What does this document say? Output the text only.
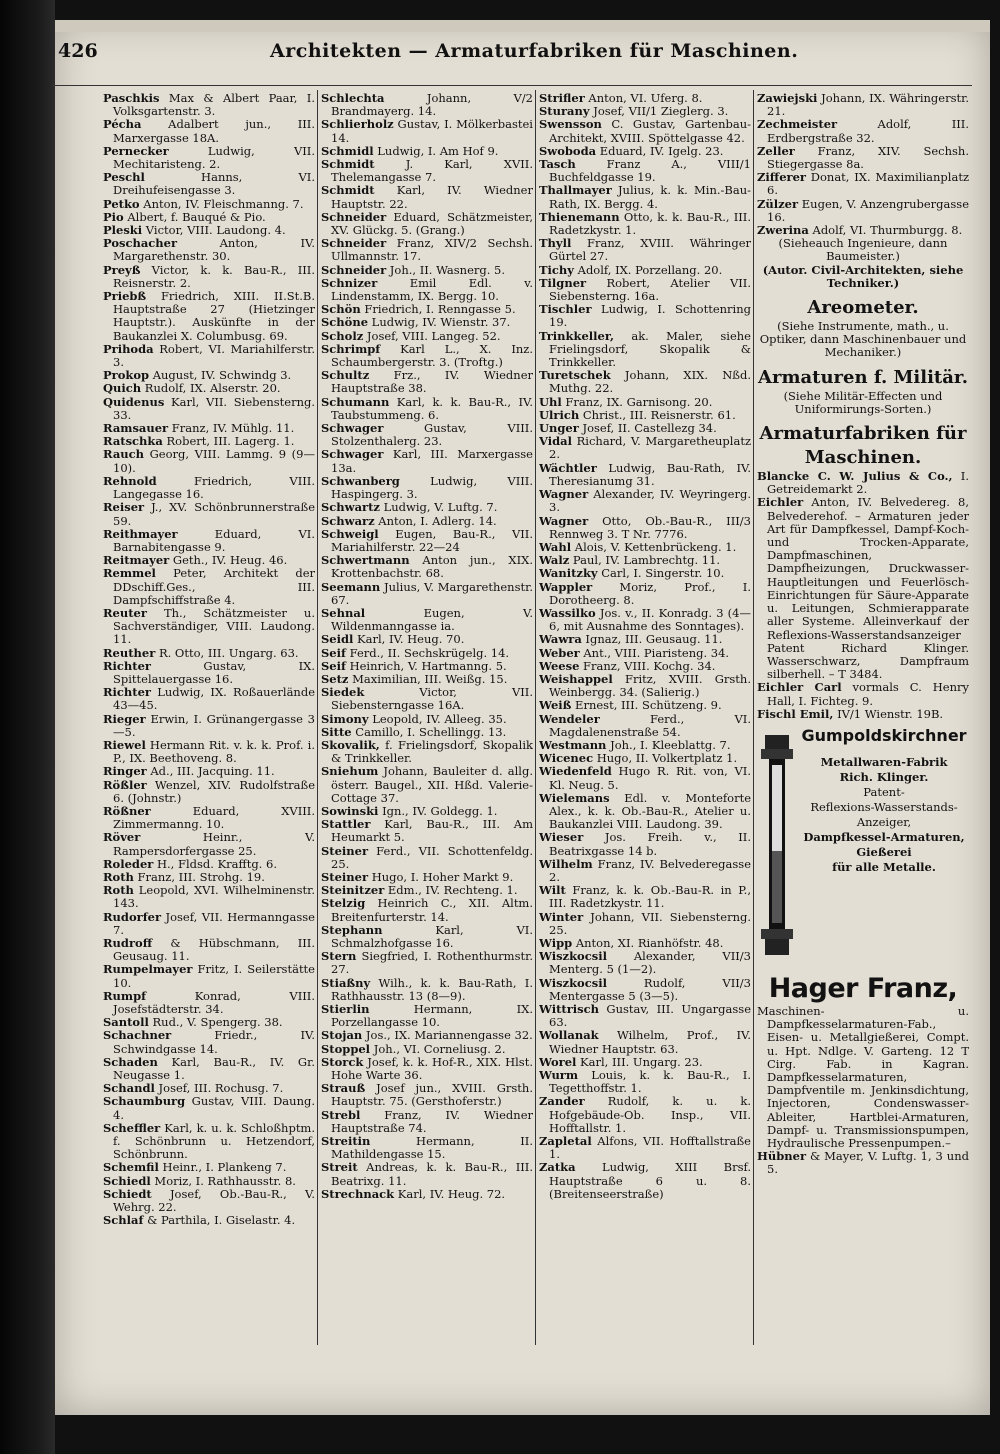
426	Architekten — Armaturfabriken für Maschinen.
Paschkis Max & Albert Paar, I. Volksgartenstr. 3.
Pécha Adalbert jun., III. Marxergasse 18A.
Pernecker Ludwig, VII. Mechitaristeng. 2.
Peschl Hanns, VI. Dreihufeisengasse 3.
Petko Anton, IV. Fleischmanng. 7.
Pio Albert, f. Bauqué & Pio.
Pleski Victor, VIII. Laudong. 4.
Poschacher Anton, IV. Margarethenstr. 30.
Preyß Victor, k. k. Bau-R., III. Reisnerstr. 2.
Priebß Friedrich, XIII. II.St.B. Hauptstraße 27 (Hietzinger Hauptstr.). Auskünfte in der Baukanzlei X. Columbusg. 69.
Prihoda Robert, VI. Mariahilferstr. 3.
Prokop August, IV. Schwindg 3.
Quich Rudolf, IX. Alserstr. 20.
Quidenus Karl, VII. Siebensterng. 33.
Ramsauer Franz, IV. Mühlg. 11.
Ratschka Robert, III. Lagerg. 1.
Rauch Georg, VIII. Lammg. 9 (9—10).
Rehnold Friedrich, VIII. Langegasse 16.
Reiser J., XV. Schönbrunnerstraße 59.
Reithmayer Eduard, VI. Barnabitengasse 9.
Reitmayer Geth., IV. Heug. 46.
Remmel Peter, Architekt der DDschiff.Ges., III. Dampfschiffstraße 4.
Reuter Th., Schätzmeister u. Sachverständiger, VIII. Laudong. 11.
Reuther R. Otto, III. Ungarg. 63.
Richter Gustav, IX. Spittelauergasse 16.
Richter Ludwig, IX. Roßauerlände 43—45.
Rieger Erwin, I. Grünangergasse 3—5.
Riewel Hermann Rit. v. k. k. Prof. i. P., IX. Beethoveng. 8.
Ringer Ad., III. Jacquing. 11.
Rößler Wenzel, XIV. Rudolfstraße 6. (Johnstr.)
Rößner Eduard, XVIII. Zimmermanng. 10.
Röver Heinr., V. Rampersdorfergasse 25.
Roleder H., Fldsd. Krafftg. 6.
Roth Franz, III. Strohg. 19.
Roth Leopold, XVI. Wilhelminenstr. 143.
Rudorfer Josef, VII. Hermanngasse 7.
Rudroff & Hübschmann, III. Geusaug. 11.
Rumpelmayer Fritz, I. Seilerstätte 10.
Rumpf Konrad, VIII. Josefstädterstr. 34.
Santoll Rud., V. Spengerg. 38.
Schachner Friedr., IV. Schwindgasse 14.
Schaden Karl, Bau-R., IV. Gr. Neugasse 1.
Schandl Josef, III. Rochusg. 7.
Schaumburg Gustav, VIII. Daung. 4.
Scheffler Karl, k. u. k. Schloßhptm. f. Schönbrunn u. Hetzendorf, Schönbrunn.
Schemfil Heinr., I. Plankeng 7.
Schiedl Moriz, I. Rathhausstr. 8.
Schiedt Josef, Ob.-Bau-R., V. Wehrg. 22.
Schlaf & Parthila, I. Giselastr. 4.
Schlechta Johann, V/2 Brandmayerg. 14.
Schlierholz Gustav, I. Mölkerbastei 14.
Schmidl Ludwig, I. Am Hof 9.
Schmidt J. Karl, XVII. Thelemangasse 7.
Schmidt Karl, IV. Wiedner Hauptstr. 22.
Schneider Eduard, Schätzmeister, XV. Glückg. 5. (Grang.)
Schneider Franz, XIV/2 Sechsh. Ullmannstr. 17.
Schneider Joh., II. Wasnerg. 5.
Schnizer Emil Edl. v. Lindenstamm, IX. Bergg. 10.
Schön Friedrich, I. Renngasse 5.
Schöne Ludwig, IV. Wienstr. 37.
Scholz Josef, VIII. Langeg. 52.
Schrimpf Karl L., X. Inz. Schaumbergerstr. 3. (Troftg.)
Schultz Frz., IV. Wiedner Hauptstraße 38.
Schumann Karl, k. k. Bau-R., IV. Taubstummeng. 6.
Schwager Gustav, VIII. Stolzenthalerg. 23.
Schwager Karl, III. Marxergasse 13a.
Schwanberg Ludwig, VIII. Haspingerg. 3.
Schwartz Ludwig, V. Luftg. 7.
Schwarz Anton, I. Adlerg. 14.
Schweigl Eugen, Bau-R., VII. Mariahilferstr. 22—24
Schwertmann Anton jun., XIX. Krottenbachstr. 68.
Seemann Julius, V. Margarethenstr. 67.
Sehnal Eugen, V. Wildenmanngasse ia.
Seidl Karl, IV. Heug. 70.
Seif Ferd., II. Sechskrügelg. 14.
Seif Heinrich, V. Hartmanng. 5.
Setz Maximilian, III. Weißg. 15.
Siedek Victor, VII. Siebensterngasse 16A.
Simony Leopold, IV. Alleeg. 35.
Sitte Camillo, I. Schellingg. 13.
Skovalik, f. Frielingsdorf, Skopalik & Trinkkeller.
Sniehum Johann, Bauleiter d. allg. österr. Baugel., XII. Hßd. Valerie-Cottage 37.
Sowinski Ign., IV. Goldegg. 1.
Stattler Karl, Bau-R., III. Am Heumarkt 5.
Steiner Ferd., VII. Schottenfeldg. 25.
Steiner Hugo, I. Hoher Markt 9.
Steinitzer Edm., IV. Rechteng. 1.
Stelzig Heinrich C., XII. Altm. Breitenfurterstr. 14.
Stephann Karl, VI. Schmalzhofgasse 16.
Stern Siegfried, I. Rothenthurmstr. 27.
Stiaßny Wilh., k. k. Bau-Rath, I. Rathhausstr. 13 (8—9).
Stierlin Hermann, IX. Porzellangasse 10.
Stojan Jos., IX. Mariannengasse 32.
Stoppel Joh., VI. Corneliusg. 2.
Storck Josef, k. k. Hof-R., XIX. Hlst. Hohe Warte 36.
Strauß Josef jun., XVIII. Grsth. Hauptstr. 75. (Gersthoferstr.)
Strebl Franz, IV. Wiedner Hauptstraße 74.
Streitin Hermann, II. Mathildengasse 15.
Streit Andreas, k. k. Bau-R., III. Beatrixg. 11.
Strechnack Karl, IV. Heug. 72.
Strifler Anton, VI. Uferg. 8.
Sturany Josef, VII/1 Zieglerg. 3.
Swensson C. Gustav, Gartenbau-Architekt, XVIII. Spöttelgasse 42.
Swoboda Eduard, IV. Igelg. 23.
Tasch Franz A., VIII/1 Buchfeldgasse 19.
Thallmayer Julius, k. k. Min.-Bau-Rath, IX. Bergg. 4.
Thienemann Otto, k. k. Bau-R., III. Radetzkystr. 1.
Thyll Franz, XVIII. Währinger Gürtel 27.
Tichy Adolf, IX. Porzellang. 20.
Tilgner Robert, Atelier VII. Siebensterng. 16a.
Tischler Ludwig, I. Schottenring 19.
Trinkkeller, ak. Maler, siehe Frielingsdorf, Skopalik & Trinkkeller.
Turetschek Johann, XIX. Nßd. Muthg. 22.
Uhl Franz, IX. Garnisong. 20.
Ulrich Christ., III. Reisnerstr. 61.
Unger Josef, II. Castellezg 34.
Vidal Richard, V. Margaretheuplatz 2.
Wächtler Ludwig, Bau-Rath, IV. Theresianumg 31.
Wagner Alexander, IV. Weyringerg. 3.
Wagner Otto, Ob.-Bau-R., III/3 Rennweg 3. T Nr. 7776.
Wahl Alois, V. Kettenbrückeng. 1.
Walz Paul, IV. Lambrechtg. 11.
Wanitzky Carl, I. Singerstr. 10.
Wappler Moriz, Prof., I. Dorotheerg. 8.
Wassilko Jos. v., II. Konradg. 3 (4—6, mit Ausnahme des Sonntages).
Wawra Ignaz, III. Geusaug. 11.
Weber Ant., VIII. Piaristeng. 34.
Weese Franz, VIII. Kochg. 34.
Weishappel Fritz, XVIII. Grsth. Weinbergg. 34. (Salierig.)
Weiß Ernest, III. Schützeng. 9.
Wendeler Ferd., VI. Magdalenenstraße 54.
Westmann Joh., I. Kleeblattg. 7.
Wicenec Hugo, II. Volkertplatz 1.
Wiedenfeld Hugo R. Rit. von, VI. Kl. Neug. 5.
Wielemans Edl. v. Monteforte Alex., k. k. Ob.-Bau-R., Atelier u. Baukanzlei VIII. Laudong. 39.
Wieser Jos. Freih. v., II. Beatrixgasse 14 b.
Wilhelm Franz, IV. Belvederegasse 2.
Wilt Franz, k. k. Ob.-Bau-R. in P., III. Radetzkystr. 11.
Winter Johann, VII. Siebensterng. 25.
Wipp Anton, XI. Rianhöfstr. 48.
Wiszkocsil Alexander, VII/3 Menterg. 5 (1—2).
Wiszkocsil Rudolf, VII/3 Mentergasse 5 (3—5).
Wittrisch Gustav, III. Ungargasse 63.
Wollanak Wilhelm, Prof., IV. Wiedner Hauptstr. 63.
Worel Karl, III. Ungarg. 23.
Wurm Louis, k. k. Bau-R., I. Tegetthoffstr. 1.
Zander Rudolf, k. u. k. Hofgebäude-Ob. Insp., VII. Hofftallstr. 1.
Zapletal Alfons, VII. Hofftallstraße 1.
Zatka Ludwig, XIII Brsf. Hauptstraße 6 u. 8. (Breitenseerstraße)
Zawiejski Johann, IX. Währingerstr. 21.
Zechmeister Adolf, III. Erdbergstraße 32.
Zeller Franz, XIV. Sechsh. Stiegergasse 8a.
Zifferer Donat, IX. Maximilianplatz 6.
Zülzer Eugen, V. Anzengrubergasse 16.
Zwerina Adolf, VI. Thurmburgg. 8.
(Sieheauch Ingenieure, dann Baumeister.)
(Autor. Civil-Architekten, siehe Techniker.)
Areometer.
(Siehe Instrumente, math., u. Optiker, dann Maschinenbauer und Mechaniker.)
Armaturen f. Militär.
(Siehe Militär-Effecten und Uniformirungs-Sorten.)
Armaturfabriken für Maschinen.
Blancke C. W. Julius & Co., I. Getreidemarkt 2.
Eichler Anton, IV. Belvedereg. 8, Belvederehof. – Armaturen jeder Art für Dampfkessel, Dampf-Koch- und Trocken-Apparate, Dampfmaschinen, Dampfheizungen, Druckwasser-Hauptleitungen und Feuerlösch-Einrichtungen für Säure-Apparate u. Leitungen, Schmierapparate aller Systeme. Alleinverkauf der Reflexions-Wasserstandsanzeiger Patent Richard Klinger. Wasserschwarz, Dampfraum silberhell. – T 3484.
Eichler Carl vormals C. Henry Hall, I. Fichteg. 9.
Fischl Emil, IV/1 Wienstr. 19B.
Gumpoldskirchner
Metallwaren-Fabrik
Rich. Klinger.
Patent-
Reflexions-Wasserstands-
Anzeiger,
Dampfkessel-Armaturen,
Gießerei
für alle Metalle.
Hager Franz,
Maschinen- u. Dampfkesselarmaturen-Fab., Eisen- u. Metallgießerei, Compt. u. Hpt. Ndlge. V. Garteng. 12 T Cirg. Fab. in Kagran. Dampfkesselarmaturen, Dampfventile m. Jenkinsdichtung, Injectoren, Condenswasser-Ableiter, Hartblei-Armaturen, Dampf- u. Transmissionspumpen, Hydraulische Pressenpumpen.–
Hübner & Mayer, V. Luftg. 1, 3 und 5.
